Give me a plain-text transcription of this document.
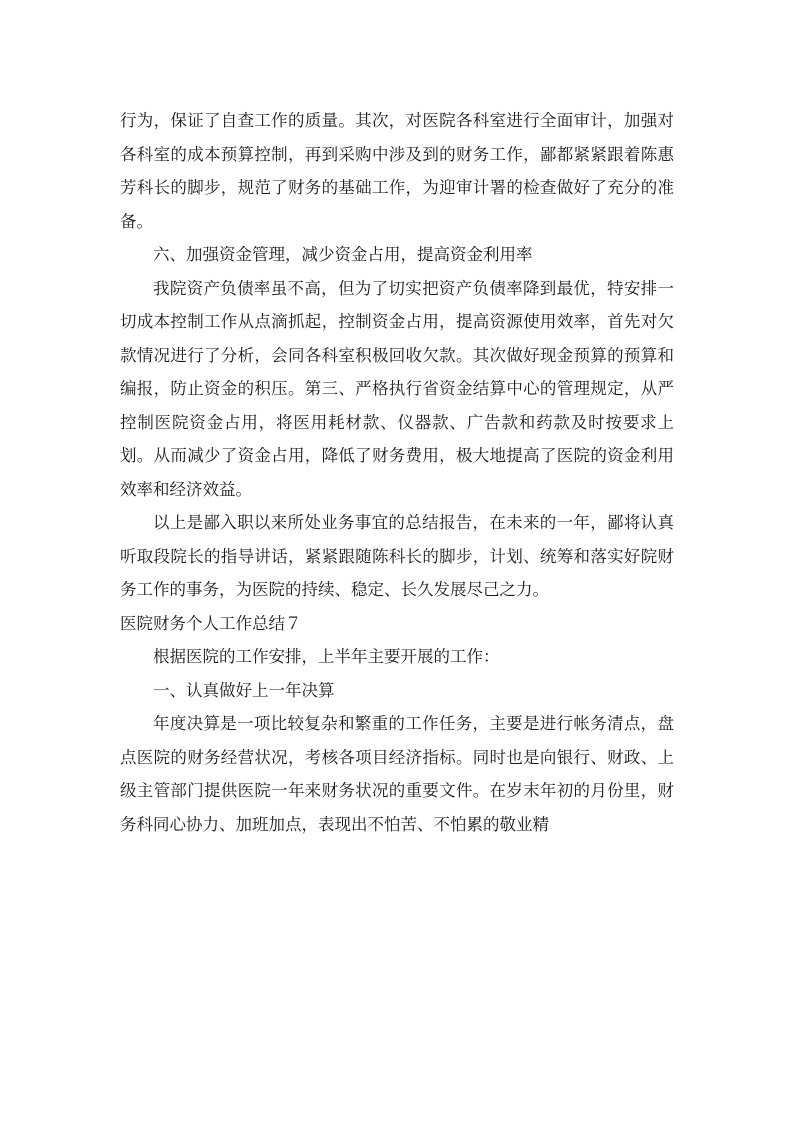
行为，保证了自查工作的质量。其次，对医院各科室进行全面审计，加强对各科室的成本预算控制，再到采购中涉及到的财务工作，鄙都紧紧跟着陈惠芳科长的脚步，规范了财务的基础工作，为迎审计署的检查做好了充分的准备。

六、加强资金管理，减少资金占用，提高资金利用率

我院资产负债率虽不高，但为了切实把资产负债率降到最优，特安排一切成本控制工作从点滴抓起，控制资金占用，提高资源使用效率，首先对欠款情况进行了分析，会同各科室积极回收欠款。其次做好现金预算的预算和编报，防止资金的积压。第三、严格执行省资金结算中心的管理规定，从严控制医院资金占用，将医用耗材款、仪器款、广告款和药款及时按要求上划。从而减少了资金占用，降低了财务费用，极大地提高了医院的资金利用效率和经济效益。

以上是鄙入职以来所处业务事宜的总结报告，在未来的一年，鄙将认真听取段院长的指导讲话，紧紧跟随陈科长的脚步，计划、统筹和落实好院财务工作的事务，为医院的持续、稳定、长久发展尽己之力。

医院财务个人工作总结７

根据医院的工作安排，上半年主要开展的工作：

一、认真做好上一年决算

年度决算是一项比较复杂和繁重的工作任务，主要是进行帐务清点，盘点医院的财务经营状况，考核各项目经济指标。同时也是向银行、财政、上级主管部门提供医院一年来财务状况的重要文件。在岁末年初的月份里，财务科同心协力、加班加点，表现出不怕苦、不怕累的敬业精
